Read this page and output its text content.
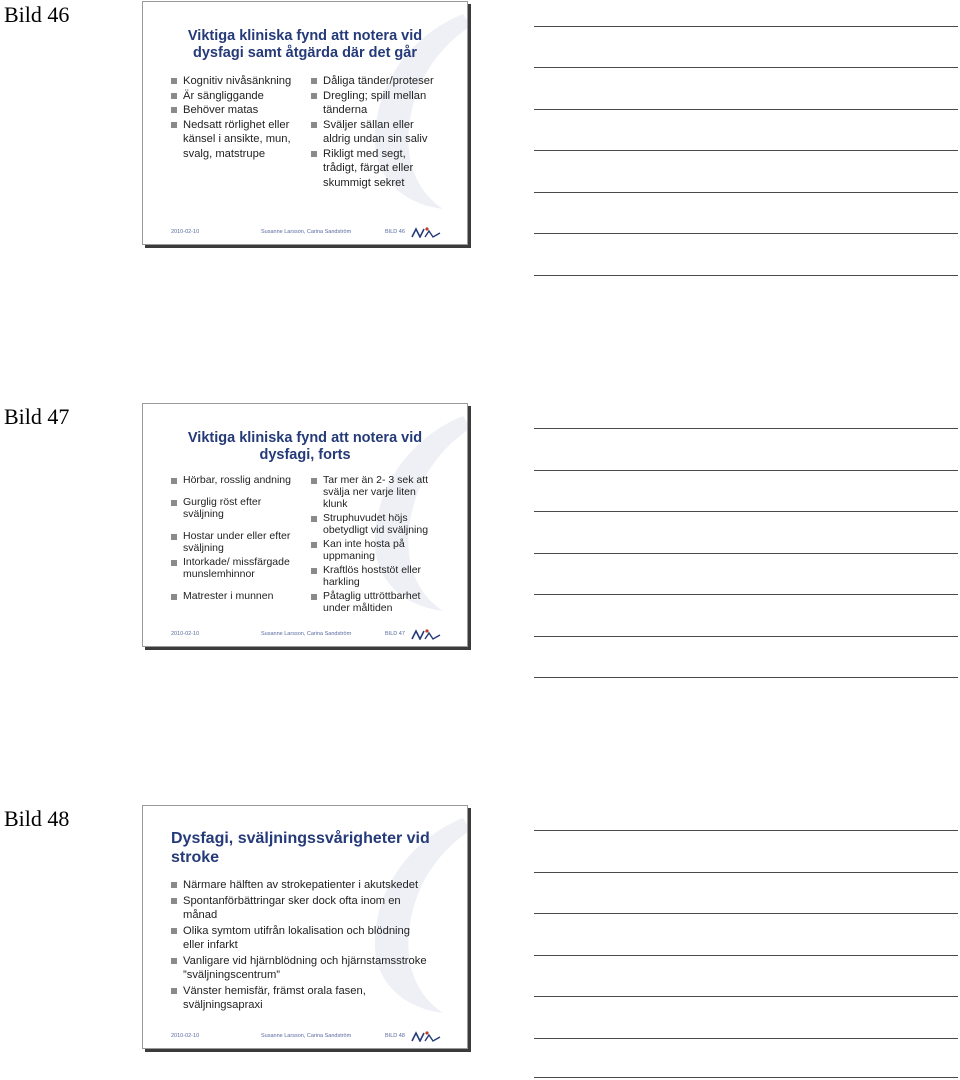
Bild 46
Viktiga kliniska fynd att notera vid
dysfagi samt åtgärda där det går
Kognitiv nivåsänkning
Är sängliggande
Behöver matas
Nedsatt rörlighet eller
känsel i ansikte, mun,
svalg, matstrupe
Dåliga tänder/proteser
Dregling; spill mellan
tänderna
Sväljer sällan eller
aldrig undan sin saliv
Rikligt med segt,
trådigt, färgat eller
skummigt sekret
2010-02-10	Susanne Larsson, Carina Sandström	BILD 46
Bild 47
Viktiga kliniska fynd att notera vid
dysfagi, forts
Hörbar, rosslig andning
Gurglig röst efter
sväljning
Hostar under eller efter
sväljning
Intorkade/ missfärgade
munslemhinnor
Matrester i munnen
Tar mer än 2- 3 sek att
svälja ner varje liten
klunk
Struphuvudet höjs
obetydligt vid sväljning
Kan inte hosta på
uppmaning
Kraftlös hoststöt eller
harkling
Påtaglig uttröttbarhet
under måltiden
2010-02-10	Susanne Larsson, Carina Sandström	BILD 47
Bild 48
Dysfagi, sväljningssvårigheter vid
stroke
Närmare hälften av strokepatienter i akutskedet
Spontanförbättringar sker dock ofta inom en
månad
Olika symtom utifrån lokalisation och blödning
eller infarkt
Vanligare vid hjärnblödning och hjärnstamsstroke
”sväljningscentrum”
Vänster hemisfär, främst orala fasen,
sväljningsapraxi
2010-02-10	Susanne Larsson, Carina Sandström	BILD 48
